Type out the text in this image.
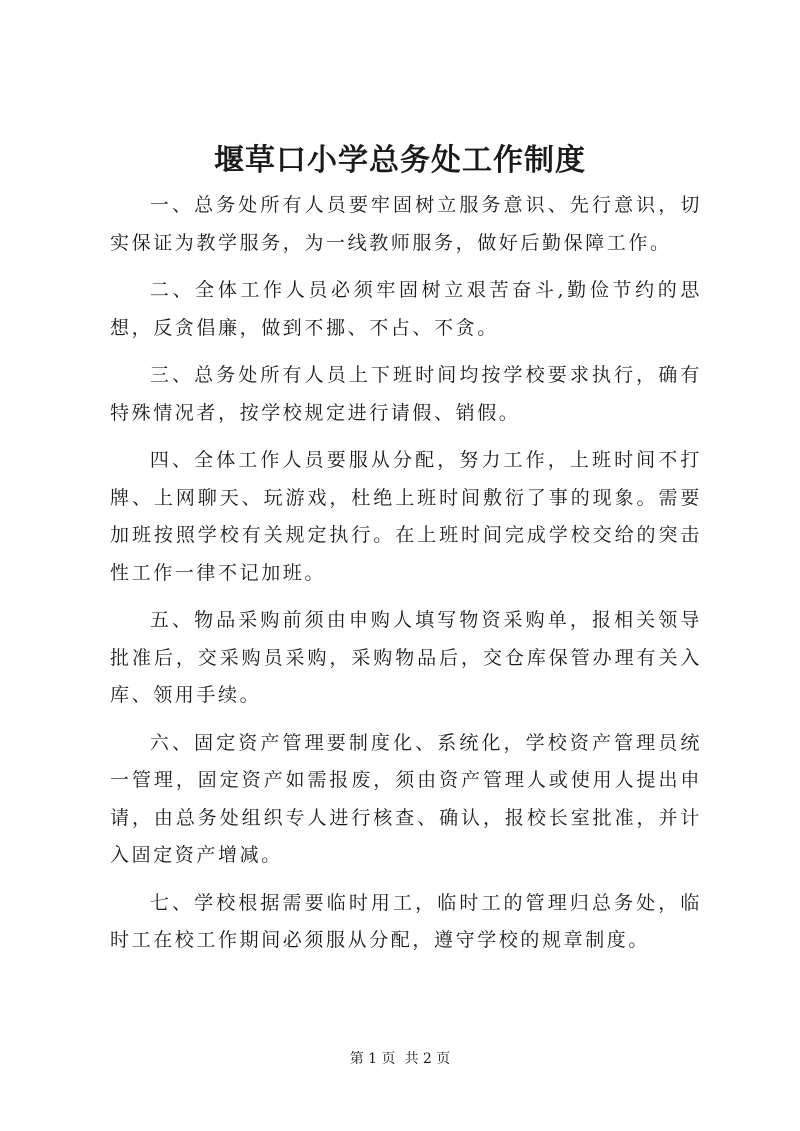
堰草口小学总务处工作制度

一、总务处所有人员要牢固树立服务意识、先行意识，切实保证为教学服务，为一线教师服务，做好后勤保障工作。

二、全体工作人员必须牢固树立艰苦奋斗,勤俭节约的思想，反贪倡廉，做到不挪、不占、不贪。

三、总务处所有人员上下班时间均按学校要求执行，确有特殊情况者，按学校规定进行请假、销假。

四、全体工作人员要服从分配，努力工作，上班时间不打牌、上网聊天、玩游戏，杜绝上班时间敷衍了事的现象。需要加班按照学校有关规定执行。在上班时间完成学校交给的突击性工作一律不记加班。

五、物品采购前须由申购人填写物资采购单，报相关领导批准后，交采购员采购，采购物品后，交仓库保管办理有关入库、领用手续。

六、固定资产管理要制度化、系统化，学校资产管理员统一管理，固定资产如需报废，须由资产管理人或使用人提出申请，由总务处组织专人进行核查、确认，报校长室批准，并计入固定资产增减。

七、学校根据需要临时用工，临时工的管理归总务处，临时工在校工作期间必须服从分配，遵守学校的规章制度。

第 1 页  共 2 页
